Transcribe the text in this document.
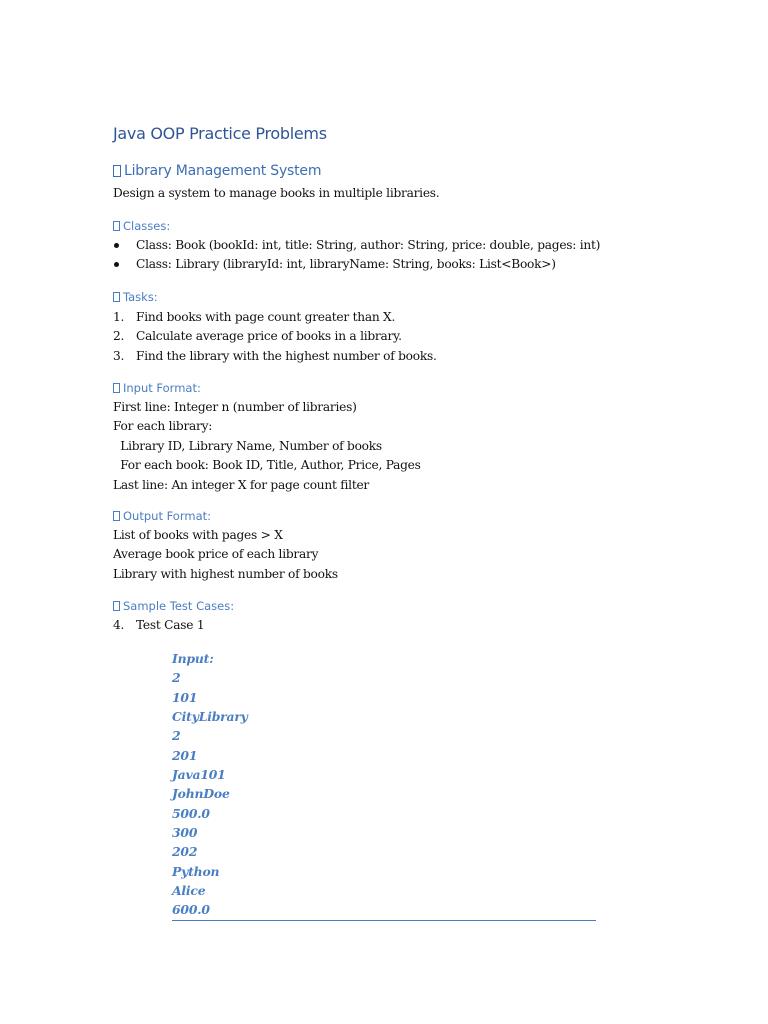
Java OOP Practice Problems
Library Management System
Design a system to manage books in multiple libraries.
Classes:
Class: Book (bookId: int, title: String, author: String, price: double, pages: int)
Class: Library (libraryId: int, libraryName: String, books: List<Book>)
Tasks:
1. Find books with page count greater than X.
2. Calculate average price of books in a library.
3. Find the library with the highest number of books.
Input Format:
First line: Integer n (number of libraries)
For each library:
Library ID, Library Name, Number of books
For each book: Book ID, Title, Author, Price, Pages
Last line: An integer X for page count filter
Output Format:
List of books with pages > X
Average book price of each library
Library with highest number of books
Sample Test Cases:
4. Test Case 1
Input:
2
101
CityLibrary
2
201
Java101
JohnDoe
500.0
300
202
Python
Alice
600.0
